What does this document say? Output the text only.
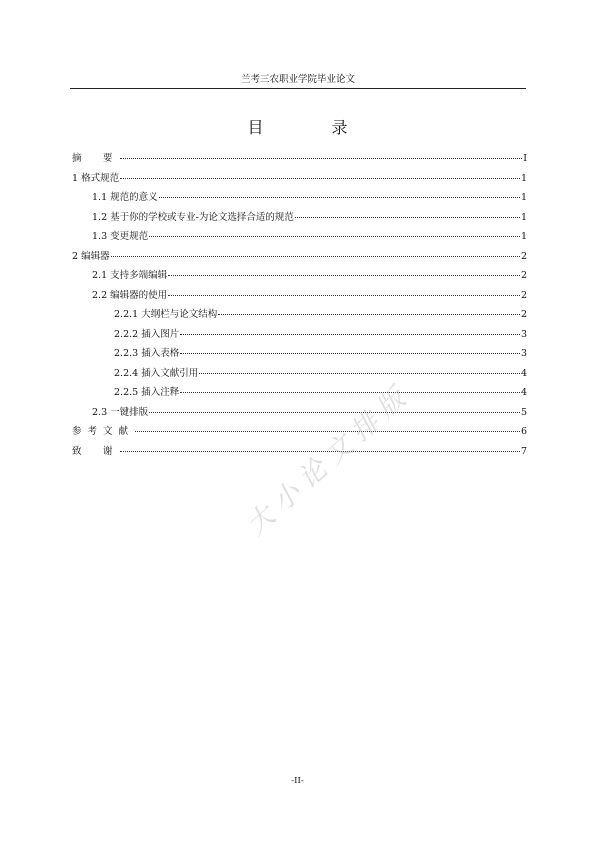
兰考三农职业学院毕业论文
目　录
摘　要	I
1 格式规范	1
1.1 规范的意义	1
1.2 基于你的学校或专业-为论文选择合适的规范	1
1.3 变更规范	1
2 编辑器	2
2.1 支持多端编辑	2
2.2 编辑器的使用	2
2.2.1 大纲栏与论文结构	2
2.2.2 插入图片	3
2.2.3 插入表格	3
2.2.4 插入文献引用	4
2.2.5 插入注释	4
2.3 一键排版	5
参考文献	6
致　谢	7
大小论文排版
-II-
